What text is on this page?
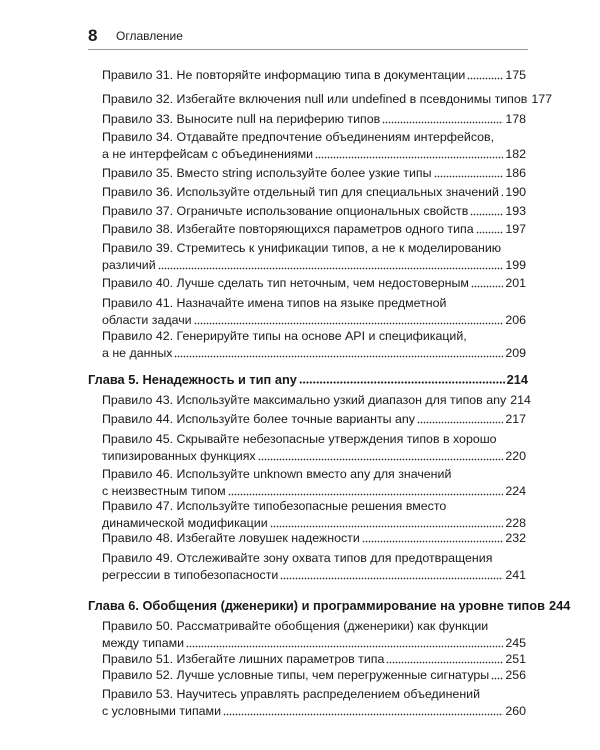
8 Оглавление
Правило 31. Не повторяйте информацию типа в документации	175
Правило 32. Избегайте включения null или undefined в псевдонимы типов 177
Правило 33. Выносите null на периферию типов	178
Правило 34. Отдавайте предпочтение объединениям интерфейсов,
а не интерфейсам с объединениями	182
Правило 35. Вместо string используйте более узкие типы	186
Правило 36. Используйте отдельный тип для специальных значений 190
Правило 37. Ограничьте использование опциональных свойств	193
Правило 38. Избегайте повторяющихся параметров одного типа	197
Правило 39. Стремитесь к унификации типов, а не к моделированию
различий	199
Правило 40. Лучше сделать тип неточным, чем недостоверным	201
Правило 41. Назначайте имена типов на языке предметной
области задачи	206
Правило 42. Генерируйте типы на основе API и спецификаций,
а не данных	209
Глава 5. Ненадежность и тип any	214
Правило 43. Используйте максимально узкий диапазон для типов any 214
Правило 44. Используйте более точные варианты any	217
Правило 45. Скрывайте небезопасные утверждения типов в хорошо
типизированных функциях	220
Правило 46. Используйте unknown вместо any для значений
с неизвестным типом	224
Правило 47. Используйте типобезопасные решения вместо
динамической модификации	228
Правило 48. Избегайте ловушек надежности	232
Правило 49. Отслеживайте зону охвата типов для предотвращения
регрессии в типобезопасности	241
Глава 6. Обобщения (дженерики) и программирование на уровне типов 244
Правило 50. Рассматривайте обобщения (дженерики) как функции
между типами	245
Правило 51. Избегайте лишних параметров типа	251
Правило 52. Лучше условные типы, чем перегруженные сигнатуры 256
Правило 53. Научитесь управлять распределением объединений
с условными типами	260
